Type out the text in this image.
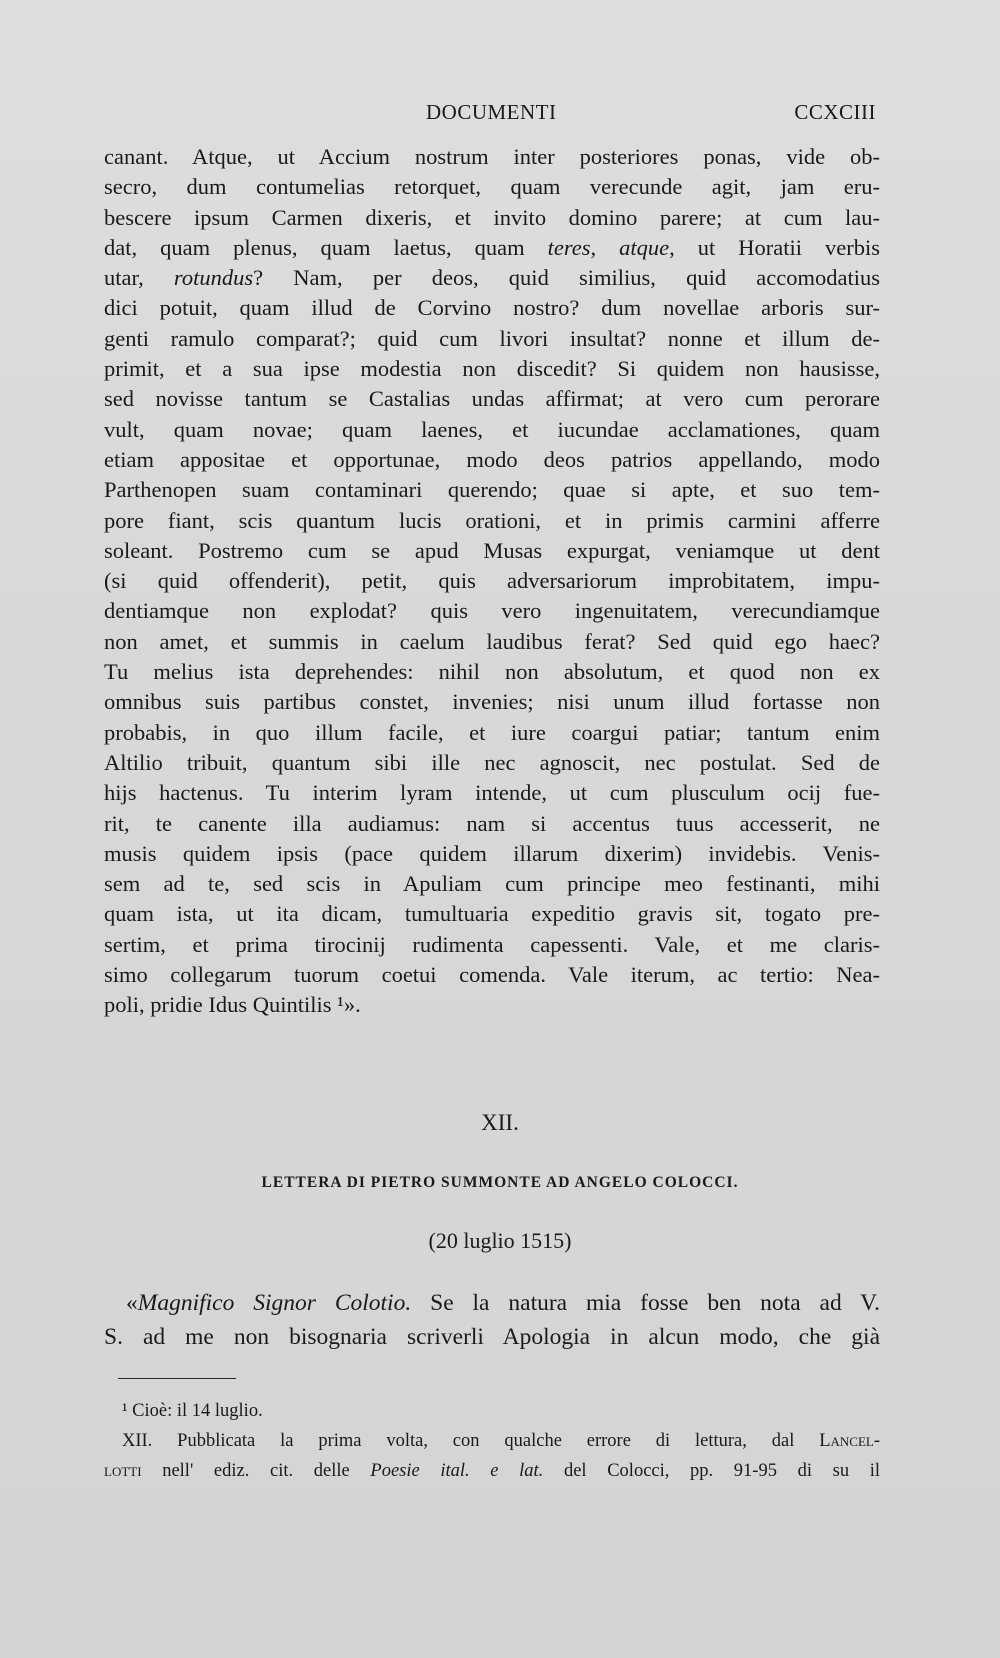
DOCUMENTI	CCXCIII
canant. Atque, ut Accium nostrum inter posteriores ponas, vide ob-
secro, dum contumelias retorquet, quam verecunde agit, jam eru-
bescere ipsum Carmen dixeris, et invito domino parere; at cum lau-
dat, quam plenus, quam laetus, quam teres, atque, ut Horatii verbis
utar, rotundus? Nam, per deos, quid similius, quid accomodatius
dici potuit, quam illud de Corvino nostro? dum novellae arboris sur-
genti ramulo comparat?; quid cum livori insultat? nonne et illum de-
primit, et a sua ipse modestia non discedit? Si quidem non hausisse,
sed novisse tantum se Castalias undas affirmat; at vero cum perorare
vult, quam novae; quam laenes, et iucundae acclamationes, quam
etiam appositae et opportunae, modo deos patrios appellando, modo
Parthenopen suam contaminari querendo; quae si apte, et suo tem-
pore fiant, scis quantum lucis orationi, et in primis carmini afferre
soleant. Postremo cum se apud Musas expurgat, veniamque ut dent
(si quid offenderit), petit, quis adversariorum improbitatem, impu-
dentiamque non explodat? quis vero ingenuitatem, verecundiamque
non amet, et summis in caelum laudibus ferat? Sed quid ego haec?
Tu melius ista deprehendes: nihil non absolutum, et quod non ex
omnibus suis partibus constet, invenies; nisi unum illud fortasse non
probabis, in quo illum facile, et iure coargui patiar; tantum enim
Altilio tribuit, quantum sibi ille nec agnoscit, nec postulat. Sed de
hijs hactenus. Tu interim lyram intende, ut cum plusculum ocij fue-
rit, te canente illa audiamus: nam si accentus tuus accesserit, ne
musis quidem ipsis (pace quidem illarum dixerim) invidebis. Venis-
sem ad te, sed scis in Apuliam cum principe meo festinanti, mihi
quam ista, ut ita dicam, tumultuaria expeditio gravis sit, togato pre-
sertim, et prima tirocinij rudimenta capessenti. Vale, et me claris-
simo collegarum tuorum coetui comenda. Vale iterum, ac tertio: Nea-
poli, pridie Idus Quintilis ¹».
XII.
LETTERA DI PIETRO SUMMONTE AD ANGELO COLOCCI.
(20 luglio 1515)
«Magnifico Signor Colotio. Se la natura mia fosse ben nota ad V.
S. ad me non bisognaria scriverli Apologia in alcun modo, che già
¹ Cioè: il 14 luglio.
XII. Pubblicata la prima volta, con qualche errore di lettura, dal Lancel-
lotti nell' ediz. cit. delle Poesie ital. e lat. del Colocci, pp. 91-95 di su il
